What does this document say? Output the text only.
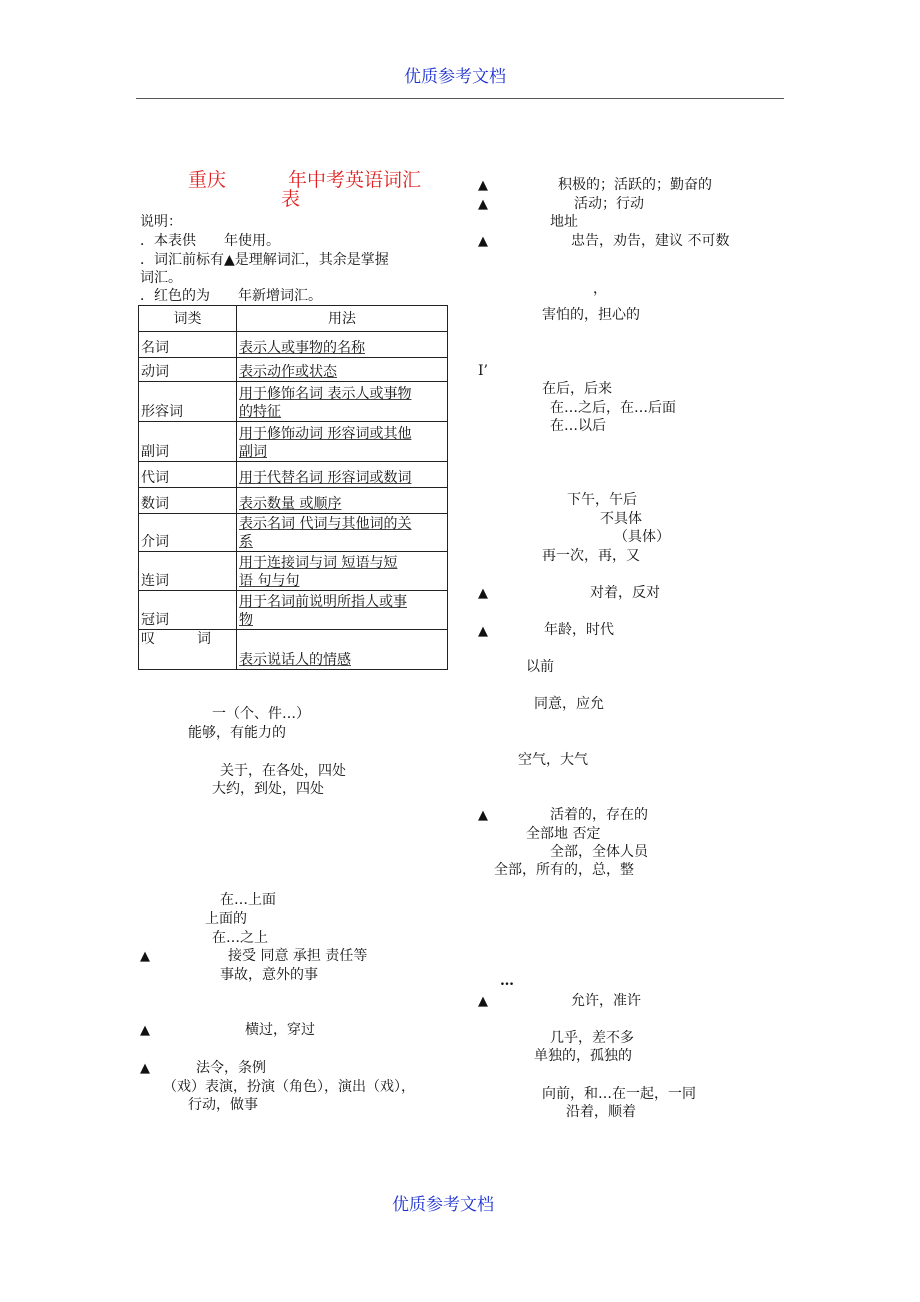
优质参考文档
重庆	年中考英语词汇
表
说明：
．本表供　　年使用。
．词汇前标有▲是理解词汇，其余是掌握
词汇。
．红色的为　　年新增词汇。
词类	用法
名词	表示人或事物的名称
动词	表示动作或状态
形容词	用于修饰名词 表示人或事物
的特征

副词	用于修饰动词 形容词或其他
副词

代词	用于代替名词 形容词或数词
数词	表示数量 或顺序
介词	表示名词 代词与其他词的关
系

连词	用于连接词与词 短语与短
语 句与句

冠词	用于名词前说明所指人或事
物

叹　　　词	表示说话人的情感
一（个、件…）
能够，有能力的
关于，在各处，四处
大约，到处，四处
在…上面
上面的
在…之上
▲	接受 同意 承担 责任等
事故，意外的事
▲	横过，穿过
▲	法令，条例
（戏）表演，扮演（角色），演出（戏），
行动，做事
▲	积极的；活跃的；勤奋的
▲	活动；行动
地址
▲	忠告，劝告，建议 不可数
，
害怕的，担心的
I’
在后，后来
在…之后，在…后面
在…以后
下午，午后
不具体
（具体）
再一次，再，又
▲	对着，反对
▲	年龄，时代
以前
同意，应允
空气，大气
▲	活着的，存在的
全部地 否定
全部，全体人员
全部，所有的，总，整
…
▲	允许，准许
几乎，差不多
单独的，孤独的
向前，和…在一起，一同
沿着，顺着
优质参考文档
